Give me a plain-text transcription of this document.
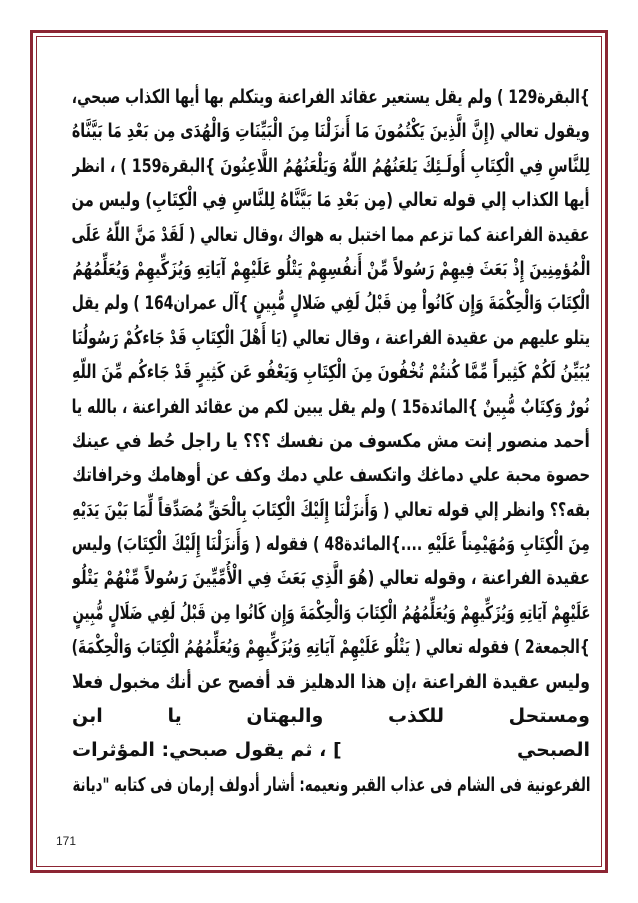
}البقرة129 ) ولم يقل يستعير عقائد الفراعنة ويتكلم بها أيها الكذاب صبحي،
ويقول تعالي (إِنَّ الَّذِينَ يَكْتُمُونَ مَا أَنزَلْنَا مِنَ الْبَيِّنَاتِ وَالْهُدَى مِن بَعْدِ مَا بَيَّنَّاهُ
لِلنَّاسِ فِي الْكِتَابِ أُولَـئِكَ يَلعَنُهُمُ اللّهُ وَيَلْعَنُهُمُ اللَّاعِنُونَ }البقرة159 ) ، انظر
أيها الكذاب إلي قوله تعالي (مِن بَعْدِ مَا بَيَّنَّاهُ لِلنَّاسِ فِي الْكِتَابِ) وليس من
عقيدة الفراعنة كما تزعم مما اختبل به هواك ،وقال تعالي ( لَقَدْ مَنَّ اللّهُ عَلَى
الْمُؤمِنِينَ إِذْ بَعَثَ فِيهِمْ رَسُولاً مِّنْ أَنفُسِهِمْ يَتْلُو عَلَيْهِمْ آيَاتِهِ وَيُزَكِّيهِمْ وَيُعَلِّمُهُمُ
الْكِتَابَ وَالْحِكْمَةَ وَإِن كَانُواْ مِن قَبْلُ لَفِي ضَلالٍ مُّبِينٍ }آل عمران164 ) ولم يقل
يتلو عليهم من عقيدة الفراعنة ، وقال تعالي (يَا أَهْلَ الْكِتَابِ قَدْ جَاءكُمْ رَسُولُنَا
يُبَيِّنُ لَكُمْ كَثِيراً مِّمَّا كُنتُمْ تُخْفُونَ مِنَ الْكِتَابِ وَيَعْفُو عَن كَثِيرٍ قَدْ جَاءكُم مِّنَ اللّهِ
نُورٌ وَكِتَابٌ مُّبِينٌ }المائدة15 ) ولم يقل يبين لكم من عقائد الفراعنة ، بالله يا
أحمد منصور إنت مش مكسوف من نفسك ؟؟؟ يا راجل حُط في عينك
حصوة محبة علي دماغك واتكسف علي دمك وكف عن أوهامك وخرافاتك
بقه؟؟ وانظر إلي قوله تعالي ( وَأَنزَلْنَا إِلَيْكَ الْكِتَابَ بِالْحَقِّ مُصَدِّقاً لِّمَا بَيْنَ يَدَيْهِ
مِنَ الْكِتَابِ وَمُهَيْمِناً عَلَيْهِ ....}المائدة48 ) فقوله ( وَأَنزَلْنَا إِلَيْكَ الْكِتَابَ) وليس
عقيدة الفراعنة ، وقوله تعالي (هُوَ الَّذِي بَعَثَ فِي الْأُمِّيِّينَ رَسُولاً مِّنْهُمْ يَتْلُو
عَلَيْهِمْ آيَاتِهِ وَيُزَكِّيهِمْ وَيُعَلِّمُهُمُ الْكِتَابَ وَالْحِكْمَةَ وَإِن كَانُوا مِن قَبْلُ لَفِي ضَلَالٍ مُّبِينٍ
}الجمعة2 ) فقوله تعالي ( يَتْلُو عَلَيْهِمْ آيَاتِهِ وَيُزَكِّيهِمْ وَيُعَلِّمُهُمُ الْكِتَابَ وَالْحِكْمَةَ)
وليس عقيدة الفراعنة ،إن هذا الدهليز قد أفصح عن أنك مخبول فعلا
ومستحل للكذب والبهتان يا ابن
الصبحي
] ، ثم يقول صبحي: المؤثرات
الفرعونية فى الشام فى عذاب القبر ونعيمه: أشار أدولف إرمان فى كتابه "ديانة
171
